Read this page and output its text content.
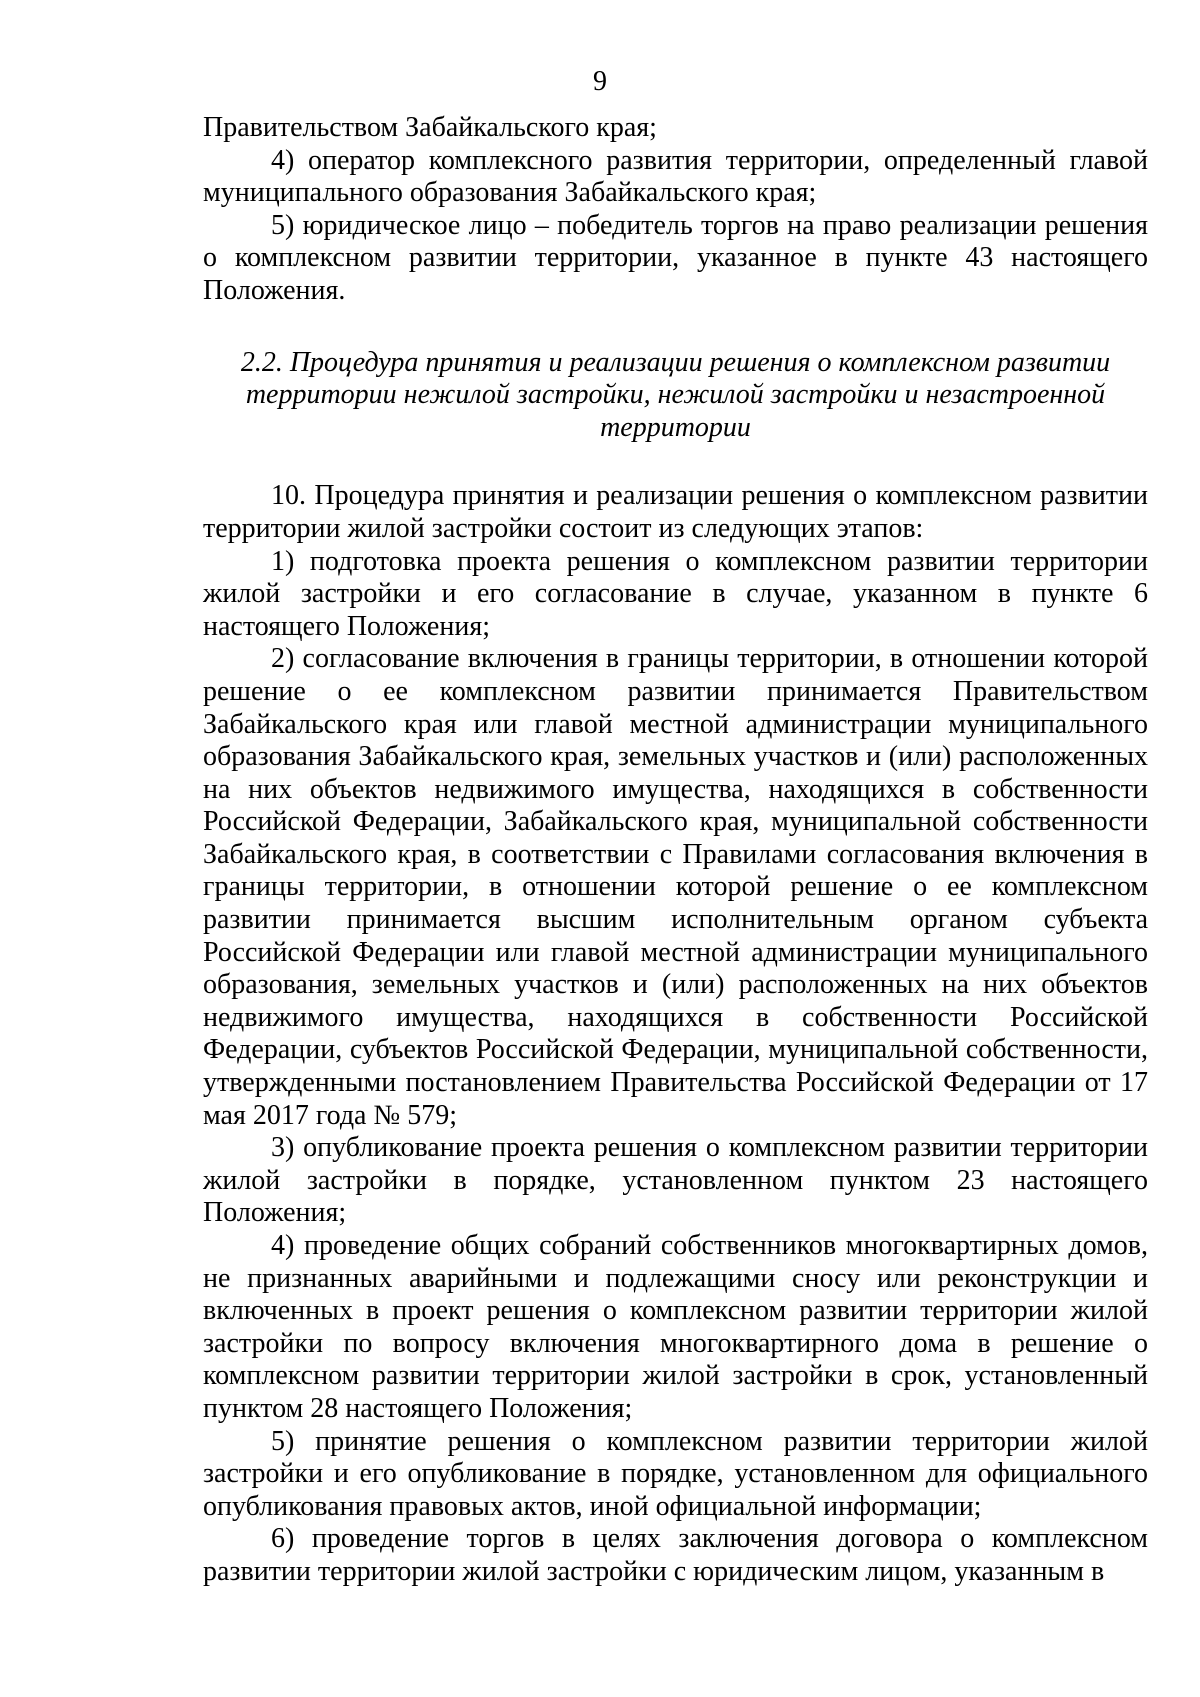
9

Правительством Забайкальского края;

4) оператор комплексного развития территории, определенный главой муниципального образования Забайкальского края;

5) юридическое лицо – победитель торгов на право реализации решения о комплексном развитии территории, указанное в пункте 43 настоящего Положения.

2.2. Процедура принятия и реализации решения о комплексном развитии территории нежилой застройки, нежилой застройки и незастроенной территории

10. Процедура принятия и реализации решения о комплексном развитии территории жилой застройки состоит из следующих этапов:

1) подготовка проекта решения о комплексном развитии территории жилой застройки и его согласование в случае, указанном в пункте 6 настоящего Положения;

2) согласование включения в границы территории, в отношении которой решение о ее комплексном развитии принимается Правительством Забайкальского края или главой местной администрации муниципального образования Забайкальского края, земельных участков и (или) расположенных на них объектов недвижимого имущества, находящихся в собственности Российской Федерации, Забайкальского края, муниципальной собственности Забайкальского края, в соответствии с Правилами согласования включения в границы территории, в отношении которой решение о ее комплексном развитии принимается высшим исполнительным органом субъекта Российской Федерации или главой местной администрации муниципального образования, земельных участков и (или) расположенных на них объектов недвижимого имущества, находящихся в собственности Российской Федерации, субъектов Российской Федерации, муниципальной собственности, утвержденными постановлением Правительства Российской Федерации от 17 мая 2017 года № 579;

3) опубликование проекта решения о комплексном развитии территории жилой застройки в порядке, установленном пунктом 23 настоящего Положения;

4) проведение общих собраний собственников многоквартирных домов, не признанных аварийными и подлежащими сносу или реконструкции и включенных в проект решения о комплексном развитии территории жилой застройки по вопросу включения многоквартирного дома в решение о комплексном развитии территории жилой застройки в срок, установленный пунктом 28 настоящего Положения;

5) принятие решения о комплексном развитии территории жилой застройки и его опубликование в порядке, установленном для официального опубликования правовых актов, иной официальной информации;

6) проведение торгов в целях заключения договора о комплексном развитии территории жилой застройки с юридическим лицом, указанным в
